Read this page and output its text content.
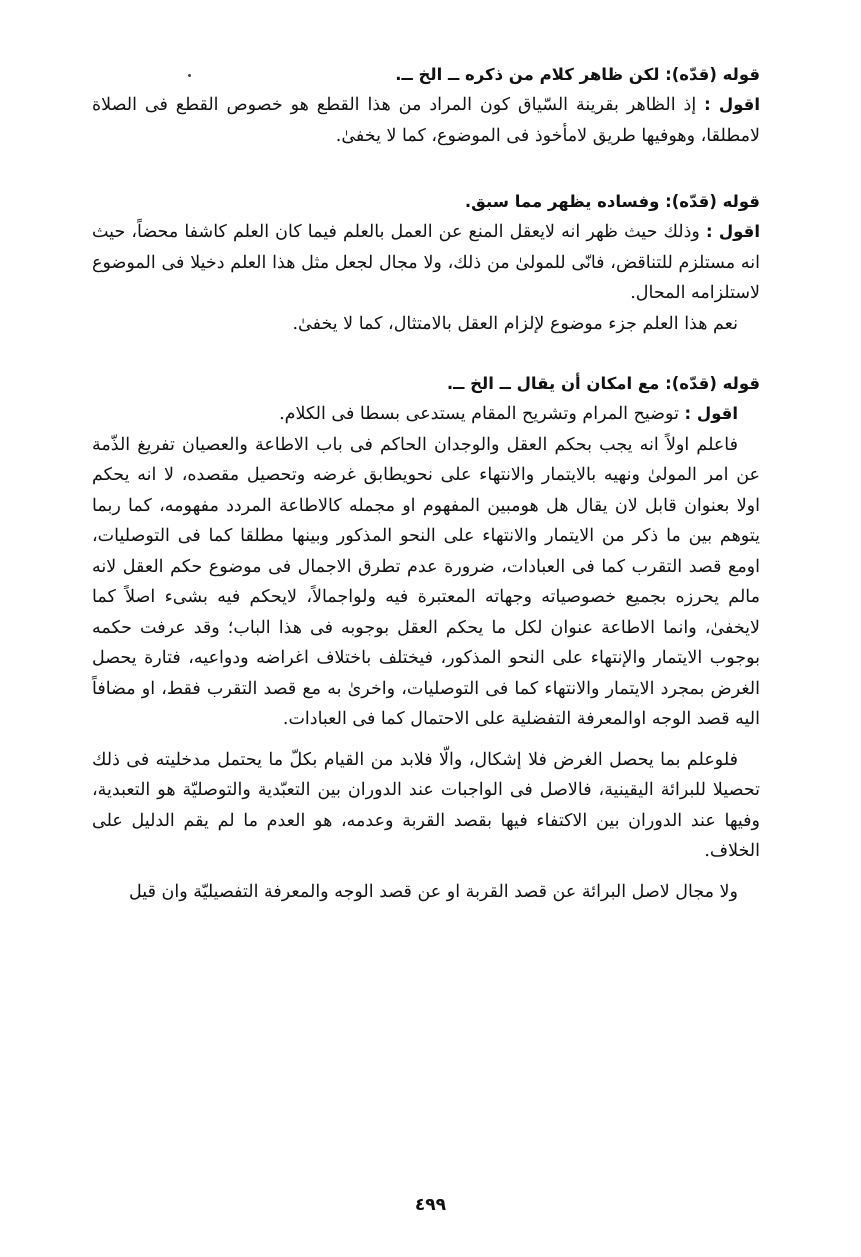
قوله (قدّه): لكن ظاهر كلام من ذكره ــ الخ ــ.

اقول : إذ الظاهر بقرينة السّياق كون المراد من هذا القطع هو خصوص القطع فى الصلاة لامطلقا، وهوفيها طريق لامأخوذ فى الموضوع، كما لا يخفىٰ.

قوله (قدّه): وفساده يظهر مما سبق.

اقول : وذلك حيث ظهر انه لايعقل المنع عن العمل بالعلم فيما كان العلم كاشفا محضاً، حيث انه مستلزم للتناقض، فانّى للمولىٰ من ذلك، ولا مجال لجعل مثل هذا العلم دخيلا فى الموضوع لاستلزامه المحال.

نعم هذا العلم جزء موضوع لإلزام العقل بالامتثال، كما لا يخفىٰ.

قوله (قدّه): مع امكان أن يقال ــ الخ ــ.

اقول : توضيح المرام وتشريح المقام يستدعى بسطا فى الكلام.

فاعلم اولاً انه يجب بحكم العقل والوجدان الحاكم فى باب الاطاعة والعصيان تفريغ الذّمة عن امر المولىٰ ونهيه بالايتمار والانتهاء على نحويطابق غرضه وتحصيل مقصده، لا انه يحكم اولا بعنوان قابل لان يقال هل هومبين المفهوم او مجمله كالاطاعة المردد مفهومه، كما ربما يتوهم بين ما ذكر من الايتمار والانتهاء على النحو المذكور وبينها مطلقا كما فى التوصليات، اومع قصد التقرب كما فى العبادات، ضرورة عدم تطرق الاجمال فى موضوع حكم العقل لانه مالم يحرزه بجميع خصوصياته وجهاته المعتبرة فيه ولواجمالاً، لايحكم فيه بشىء اصلاً كما لايخفىٰ، وانما الاطاعة عنوان لكل ما يحكم العقل بوجوبه فى هذا الباب؛ وقد عرفت حكمه بوجوب الايتمار والإنتهاء على النحو المذكور، فيختلف باختلاف اغراضه ودواعيه، فتارة يحصل الغرض بمجرد الايتمار والانتهاء كما فى التوصليات، واخرىٰ به مع قصد التقرب فقط، او مضافاً اليه قصد الوجه اوالمعرفة التفضلية على الاحتمال كما فى العبادات.

فلوعلم بما يحصل الغرض فلا إشكال، والّا فلابد من القيام بكلّ ما يحتمل مدخليته فى ذلك تحصيلا للبرائة اليقينية، فالاصل فى الواجبات عند الدوران بين التعبّدية والتوصليّة هو التعبدية، وفيها عند الدوران بين الاكتفاء فيها بقصد القربة وعدمه، هو العدم ما لم يقم الدليل على الخلاف.

ولا مجال لاصل البرائة عن قصد القربة او عن قصد الوجه والمعرفة التفصيليّة وان قيل

٤٩٩
